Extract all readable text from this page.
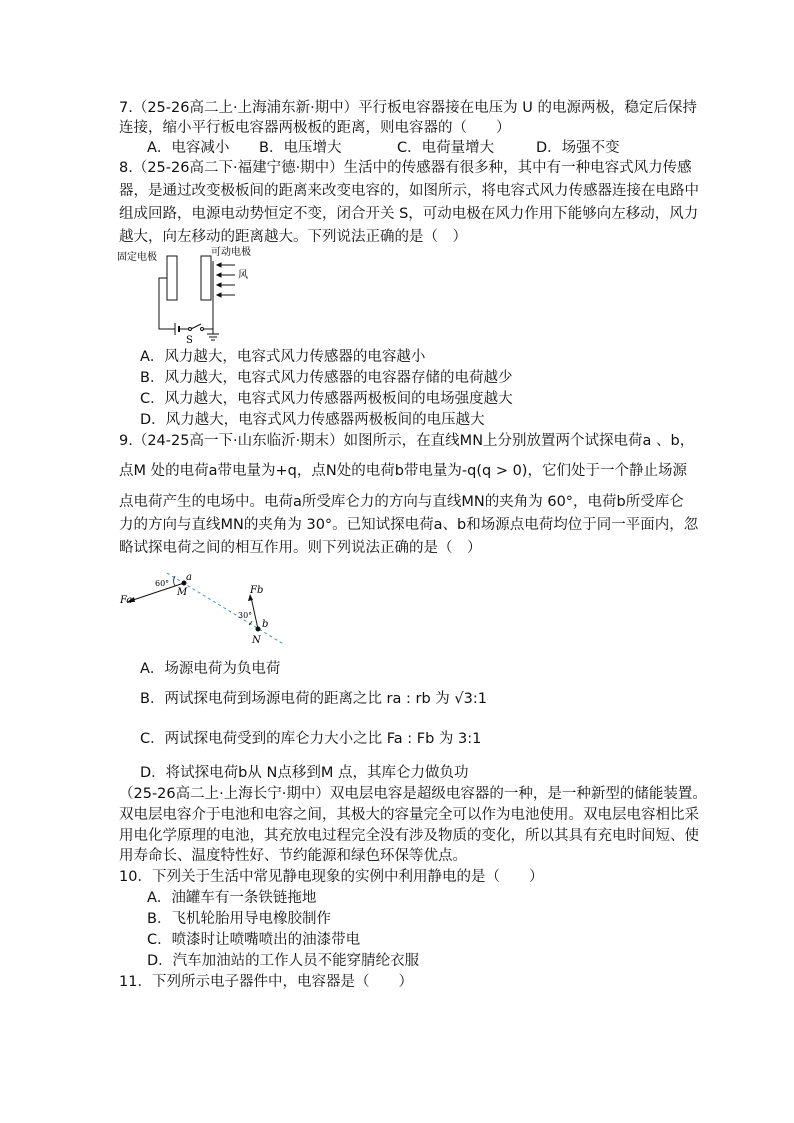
7.（25-26高二上·上海浦东新·期中）平行板电容器接在电压为 U 的电源两极，稳定后保持
连接，缩小平行板电容器两极板的距离，则电容器的（　　）
A．电容减小 B．电压增大	C．电荷量增大	D．场强不变
8.（25-26高二下·福建宁德·期中）生活中的传感器有很多种，其中有一种电容式风力传感
器，是通过改变极板间的距离来改变电容的，如图所示，将电容式风力传感器连接在电路中
组成回路，电源电动势恒定不变，闭合开关 S，可动电极在风力作用下能够向左移动，风力
越大，向左移动的距离越大。下列说法正确的是（　）
固定电极	可动电极
风
S
A．风力越大，电容式风力传感器的电容越小
B．风力越大，电容式风力传感器的电容器存储的电荷越少
C．风力越大，电容式风力传感器两极板间的电场强度越大
D．风力越大，电容式风力传感器两极板间的电压越大
9.（24-25高一下·山东临沂·期末）如图所示，在直线MN上分别放置两个试探电荷a 、b，
点M 处的电荷a带电量为+q，点N处的电荷b带电量为-q(q > 0)，它们处于一个静止场源
点电荷产生的电场中。电荷a所受库仑力的方向与直线MN的夹角为 60°，电荷b所受库仑
力的方向与直线MN的夹角为 30°。已知试探电荷a、b和场源点电荷均位于同一平面内，忽
略试探电荷之间的相互作用。则下列说法正确的是（　）
Fa
60°
a
M	Fb
30°
b
N
A．场源电荷为负电荷
B．两试探电荷到场源电荷的距离之比 ra : rb 为 √3:1
C．两试探电荷受到的库仑力大小之比 Fa : Fb 为 3:1
D．将试探电荷b从 N点移到M 点，其库仑力做负功
（25-26高二上·上海长宁·期中）双电层电容是超级电容器的一种，是一种新型的储能装置。
双电层电容介于电池和电容之间，其极大的容量完全可以作为电池使用。双电层电容相比采
用电化学原理的电池，其充放电过程完全没有涉及物质的变化，所以其具有充电时间短、使
用寿命长、温度特性好、节约能源和绿色环保等优点。
10．下列关于生活中常见静电现象的实例中利用静电的是（　　）
A．油罐车有一条铁链拖地
B．飞机轮胎用导电橡胶制作
C．喷漆时让喷嘴喷出的油漆带电
D．汽车加油站的工作人员不能穿腈纶衣服
11．下列所示电子器件中，电容器是（　　）
